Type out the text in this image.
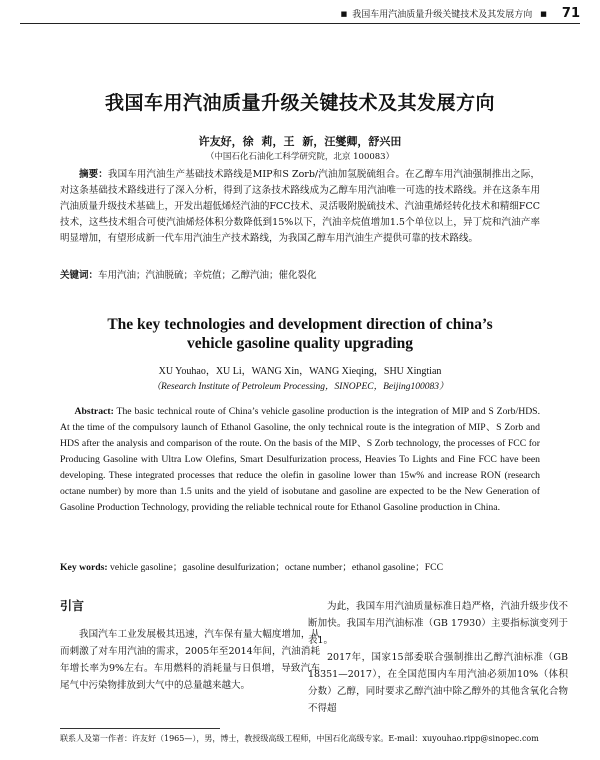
■ 我国车用汽油质量升级关键技术及其发展方向 ■ 71
我国车用汽油质量升级关键技术及其发展方向
许友好，徐 莉，王 新，汪燮卿，舒兴田
（中国石化石油化工科学研究院，北京 100083）
摘要：我国车用汽油生产基础技术路线是MIP和S Zorb/汽油加氢脱硫组合。在乙醇车用汽油强制推出之际，对这条基础技术路线进行了深入分析，得到了这条技术路线成为乙醇车用汽油唯一可选的技术路线。并在这条车用汽油质量升级技术基础上，开发出超低烯烃汽油的FCC技术、灵活吸附脱硫技术、汽油重烯烃转化技术和精细FCC技术，这些技术组合可使汽油烯烃体积分数降低到15%以下，汽油辛烷值增加1.5个单位以上，异丁烷和汽油产率明显增加，有望形成新一代车用汽油生产技术路线，为我国乙醇车用汽油生产提供可靠的技术路线。
关键词：车用汽油；汽油脱硫；辛烷值；乙醇汽油；催化裂化
The key technologies and development direction of china’s
vehicle gasoline quality upgrading
XU Youhao，XU Li，WANG Xin，WANG Xieqing，SHU Xingtian
（Research Institute of Petroleum Processing，SINOPEC，Beijing100083）
Abstract: The basic technical route of China’s vehicle gasoline production is the integration of MIP and S Zorb/HDS. At the time of the compulsory launch of Ethanol Gasoline, the only technical route is the integration of MIP、S Zorb and HDS after the analysis and comparison of the route. On the basis of the MIP、S Zorb technology, the processes of FCC for Producing Gasoline with Ultra Low Olefins, Smart Desulfurization process, Heavies To Lights and Fine FCC have been developing. These integrated processes that reduce the olefin in gasoline lower than 15w% and increase RON (research octane number) by more than 1.5 units and the yield of isobutane and gasoline are expected to be the New Generation of Gasoline Production Technology, providing the reliable technical route for Ethanol Gasoline production in China.
Key words: vehicle gasoline；gasoline desulfurization；octane number；ethanol gasoline；FCC
引言
我国汽车工业发展极其迅速，汽车保有量大幅度增加，从而刺激了对车用汽油的需求，2005年至2014年间，汽油消耗年增长率为9%左右。车用燃料的消耗量与日俱增，导致汽车尾气中污染物排放到大气中的总量越来越大。
为此，我国车用汽油质量标准日趋严格，汽油升级步伐不断加快。我国车用汽油标准（GB 17930）主要指标演变列于表1。
2017年，国家15部委联合强制推出乙醇汽油标准（GB 18351—2017），在全国范围内车用汽油必须加10%（体积分数）乙醇，同时要求乙醇汽油中除乙醇外的其他含氧化合物不得超
联系人及第一作者：许友好（1965—），男，博士，教授级高级工程师，中国石化高级专家。E-mail：xuyouhao.ripp@sinopec.com
